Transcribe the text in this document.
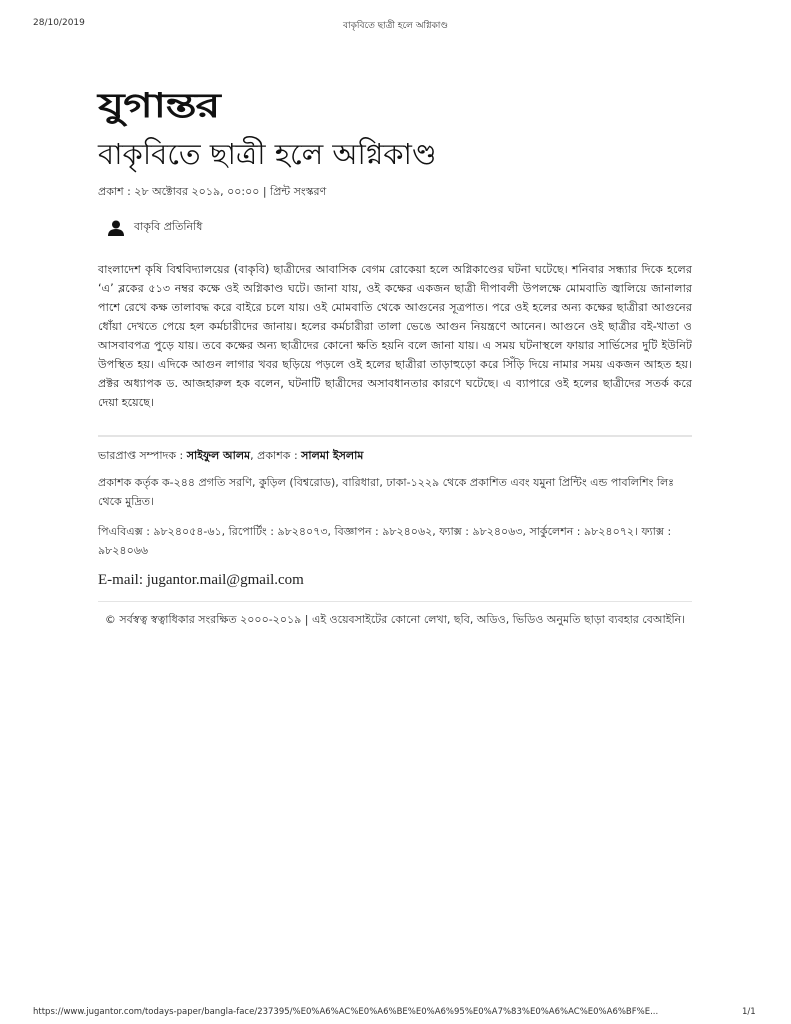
28/10/2019	বাকৃবিতে ছাত্রী হলে অগ্নিকাণ্ড
যুগান্তর
বাকৃবিতে ছাত্রী হলে অগ্নিকাণ্ড
প্রকাশ : ২৮ অক্টোবর ২০১৯, ০০:০০ | প্রিন্ট সংস্করণ
বাকৃবি প্রতিনিধি
বাংলাদেশ কৃষি বিশ্ববিদ্যালয়ের (বাকৃবি) ছাত্রীদের আবাসিক বেগম রোকেয়া হলে অগ্নিকাণ্ডের ঘটনা ঘটেছে। শনিবার সন্ধ্যার দিকে হলের ‘এ’ ব্লকের ৫১৩ নম্বর কক্ষে ওই অগ্নিকাণ্ড ঘটে। জানা যায়, ওই কক্ষের একজন ছাত্রী দীপাবলী উপলক্ষে মোমবাতি জ্বালিয়ে জানালার পাশে রেখে কক্ষ তালাবদ্ধ করে বাইরে চলে যায়। ওই মোমবাতি থেকে আগুনের সূত্রপাত। পরে ওই হলের অন্য কক্ষের ছাত্রীরা আগুনের ধোঁয়া দেখতে পেয়ে হল কর্মচারীদের জানায়। হলের কর্মচারীরা তালা ভেঙে আগুন নিয়ন্ত্রণে আনেন। আগুনে ওই ছাত্রীর বই-খাতা ও আসবাবপত্র পুড়ে যায়। তবে কক্ষের অন্য ছাত্রীদের কোনো ক্ষতি হয়নি বলে জানা যায়। এ সময় ঘটনাস্থলে ফায়ার সার্ভিসের দুটি ইউনিট উপস্থিত হয়। এদিকে আগুন লাগার খবর ছড়িয়ে পড়লে ওই হলের ছাত্রীরা তাড়াহুড়ো করে সিঁড়ি দিয়ে নামার সময় একজন আহত হয়। প্রক্টর অধ্যাপক ড. আজহারুল হক বলেন, ঘটনাটি ছাত্রীদের অসাবধানতার কারণে ঘটেছে। এ ব্যাপারে ওই হলের ছাত্রীদের সতর্ক করে দেয়া হয়েছে।
ভারপ্রাপ্ত সম্পাদক : সাইফুল আলম, প্রকাশক : সালমা ইসলাম
প্রকাশক কর্তৃক ক-২৪৪ প্রগতি সরণি, কুড়িল (বিশ্বরোড), বারিধারা, ঢাকা-১২২৯ থেকে প্রকাশিত এবং যমুনা প্রিন্টিং এন্ড পাবলিশিং লিঃ থেকে মুদ্রিত।
পিএবিএক্স : ৯৮২৪০৫৪-৬১, রিপোর্টিং : ৯৮২৪০৭৩, বিজ্ঞাপন : ৯৮২৪০৬২, ফ্যাক্স : ৯৮২৪০৬৩, সার্কুলেশন : ৯৮২৪০৭২। ফ্যাক্স : ৯৮২৪০৬৬
E-mail: jugantor.mail@gmail.com
© সর্বস্বত্ব স্বত্বাধিকার সংরক্ষিত ২০০০-২০১৯ | এই ওয়েবসাইটের কোনো লেখা, ছবি, অডিও, ভিডিও অনুমতি ছাড়া ব্যবহার বেআইনি।
https://www.jugantor.com/todays-paper/bangla-face/237395/%E0%A6%AC%E0%A6%BE%E0%A6%95%E0%A7%83%E0%A6%AC%E0%A6%BF%E...	1/1
